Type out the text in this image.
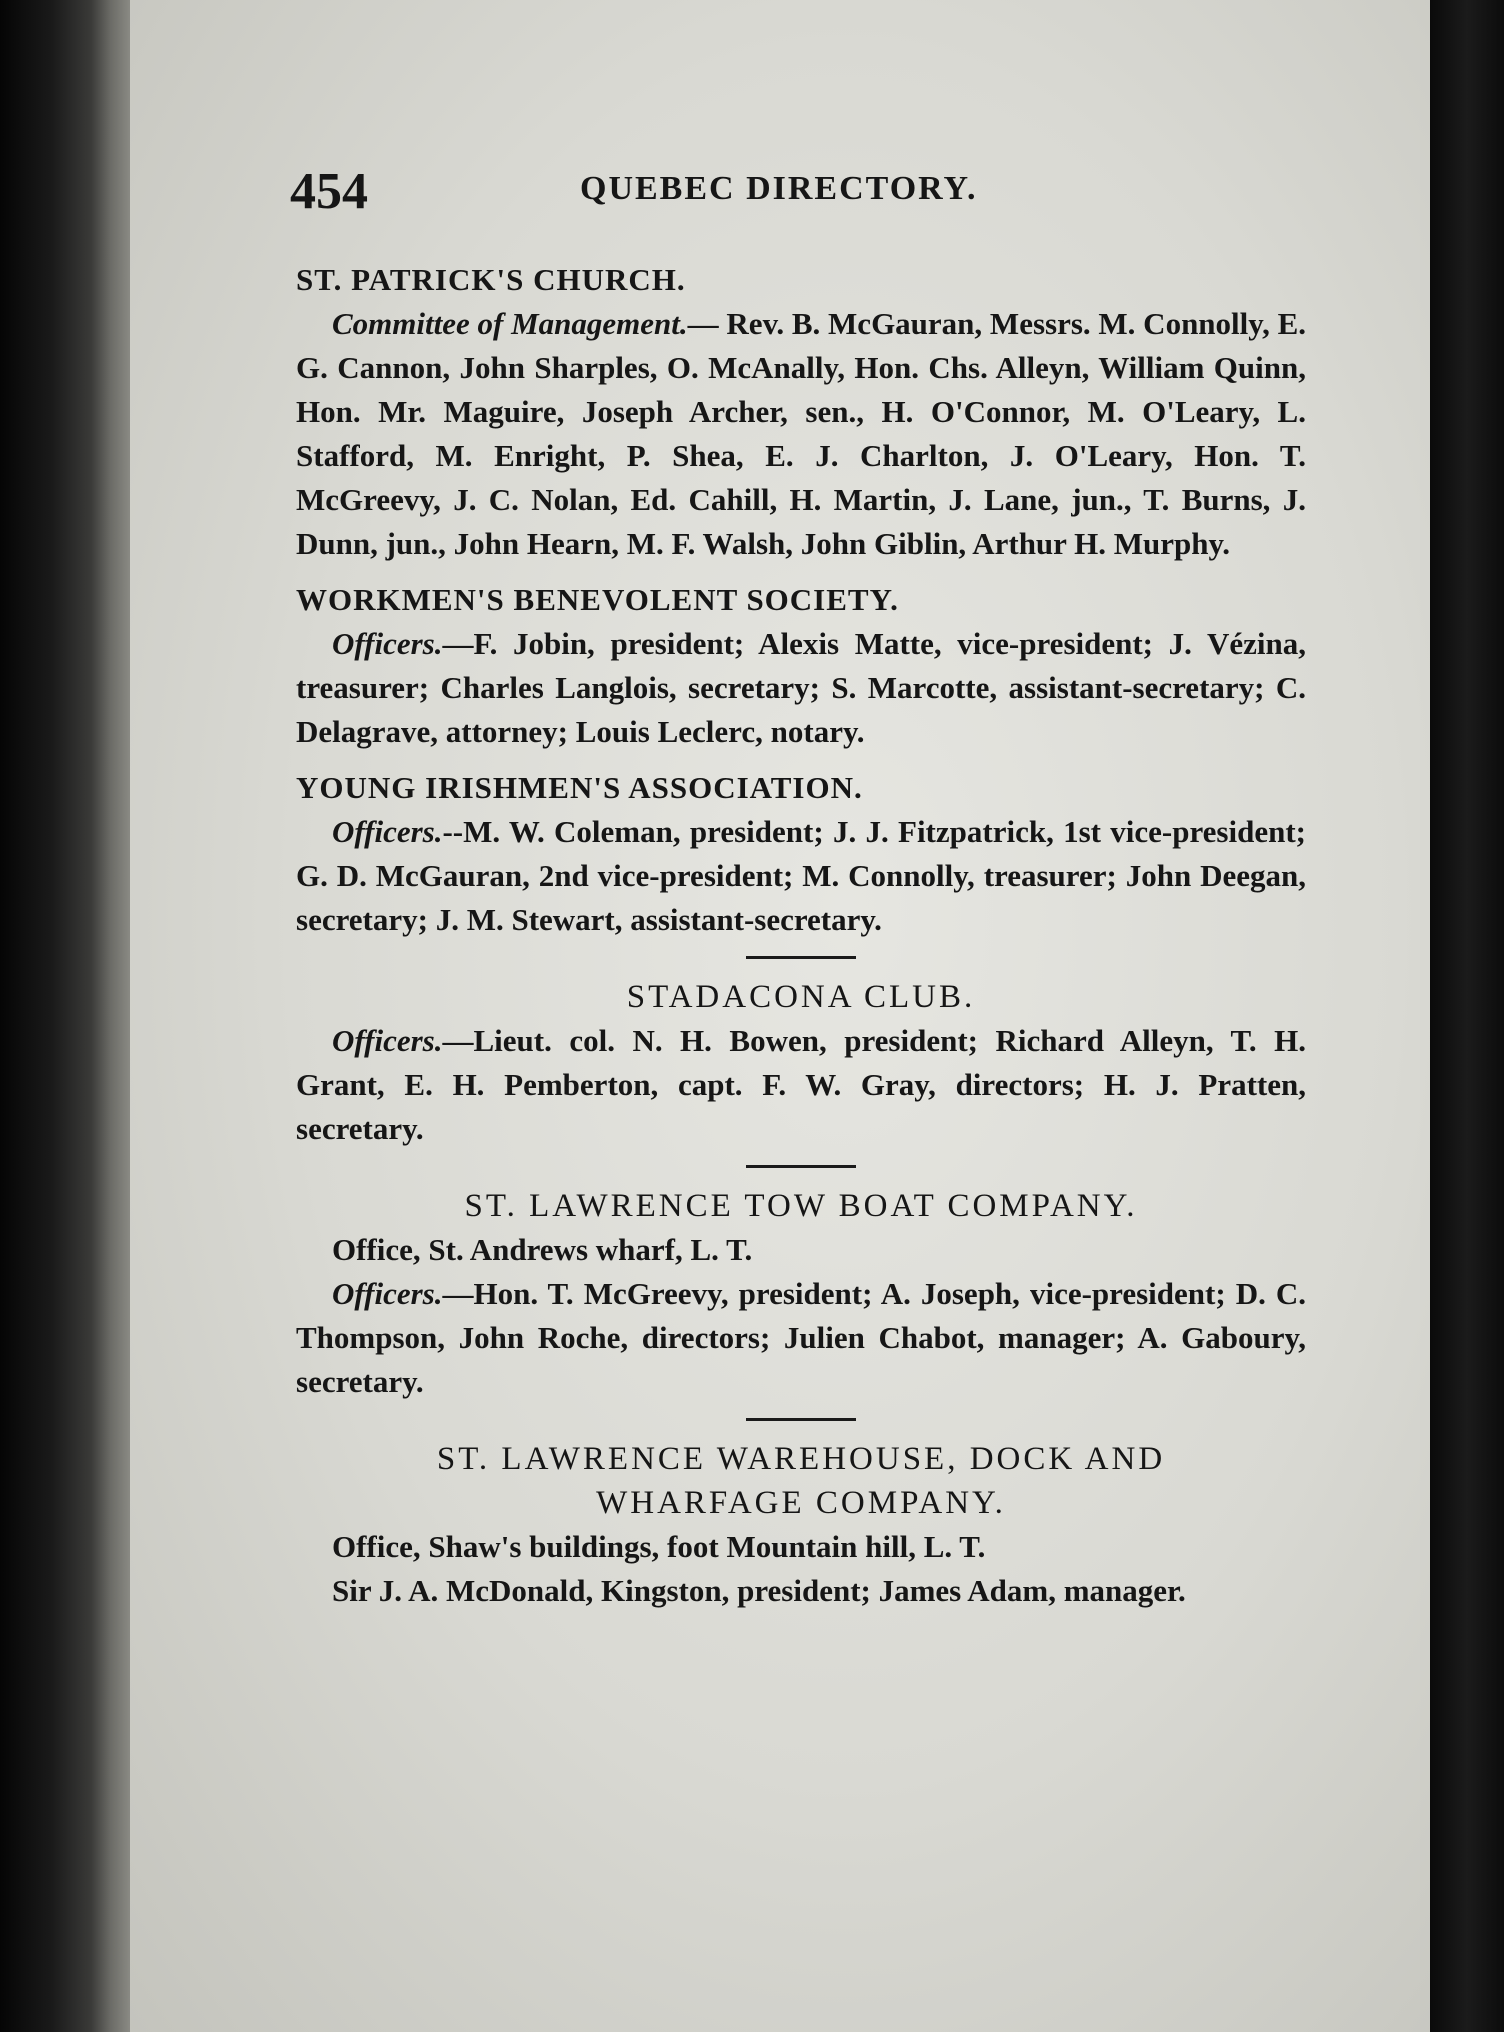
454	QUEBEC DIRECTORY.

ST. PATRICK'S CHURCH.

Committee of Management.— Rev. B. McGauran, Messrs. M. Connolly, E. G. Cannon, John Sharples, O. McAnally, Hon. Chs. Alleyn, William Quinn, Hon. Mr. Maguire, Joseph Archer, sen., H. O'Connor, M. O'Leary, L. Stafford, M. Enright, P. Shea, E. J. Charlton, J. O'Leary, Hon. T. McGreevy, J. C. Nolan, Ed. Cahill, H. Martin, J. Lane, jun., T. Burns, J. Dunn, jun., John Hearn, M. F. Walsh, John Giblin, Arthur H. Murphy.

WORKMEN'S BENEVOLENT SOCIETY.

Officers.—F. Jobin, president; Alexis Matte, vice-president; J. Vézina, treasurer; Charles Langlois, secretary; S. Marcotte, assistant-secretary; C. Delagrave, attorney; Louis Leclerc, notary.

YOUNG IRISHMEN'S ASSOCIATION.

Officers.--M. W. Coleman, president; J. J. Fitzpatrick, 1st vice-president; G. D. McGauran, 2nd vice-president; M. Connolly, treasurer; John Deegan, secretary; J. M. Stewart, assistant-secretary.

STADACONA CLUB.

Officers.—Lieut. col. N. H. Bowen, president; Richard Alleyn, T. H. Grant, E. H. Pemberton, capt. F. W. Gray, directors; H. J. Pratten, secretary.

ST. LAWRENCE TOW BOAT COMPANY.

Office, St. Andrews wharf, L. T.

Officers.—Hon. T. McGreevy, president; A. Joseph, vice-president; D. C. Thompson, John Roche, directors; Julien Chabot, manager; A. Gaboury, secretary.

ST. LAWRENCE WAREHOUSE, DOCK AND

WHARFAGE COMPANY.

Office, Shaw's buildings, foot Mountain hill, L. T.

Sir J. A. McDonald, Kingston, president; James Adam, manager.
